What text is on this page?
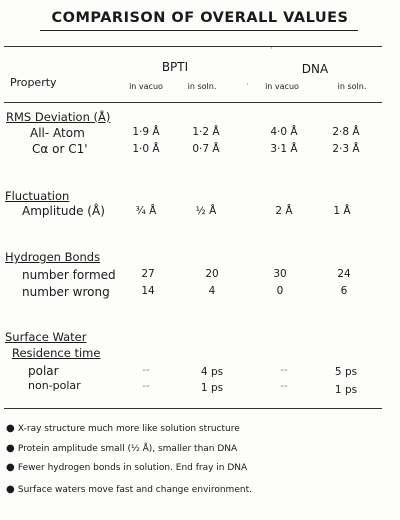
COMPARISON OF OVERALL VALUES
BPTI	DNA
·
·
Property	in vacuo	in soln.	in vacuo	in soln.
RMS Deviation (Å)
All- Atom	1·9 Å	1·2 Å	4·0 Å	2·8 Å
Cα or C1'	1·0 Å	0·7 Å	3·1 Å	2·3 Å
Fluctuation
Amplitude (Å)	¾ Å	½ Å	2 Å	1 Å
Hydrogen Bonds
number formed	27	20	30	24
number wrong	14	4	0	6
Surface Water
Residence time
polar	--	4 ps	--	5 ps
non-polar	--	1 ps	--	1 ps
● X-ray structure much more like solution structure
● Protein amplitude small (½ Å), smaller than DNA
● Fewer hydrogen bonds in solution. End fray in DNA
● Surface waters move fast and change environment.
